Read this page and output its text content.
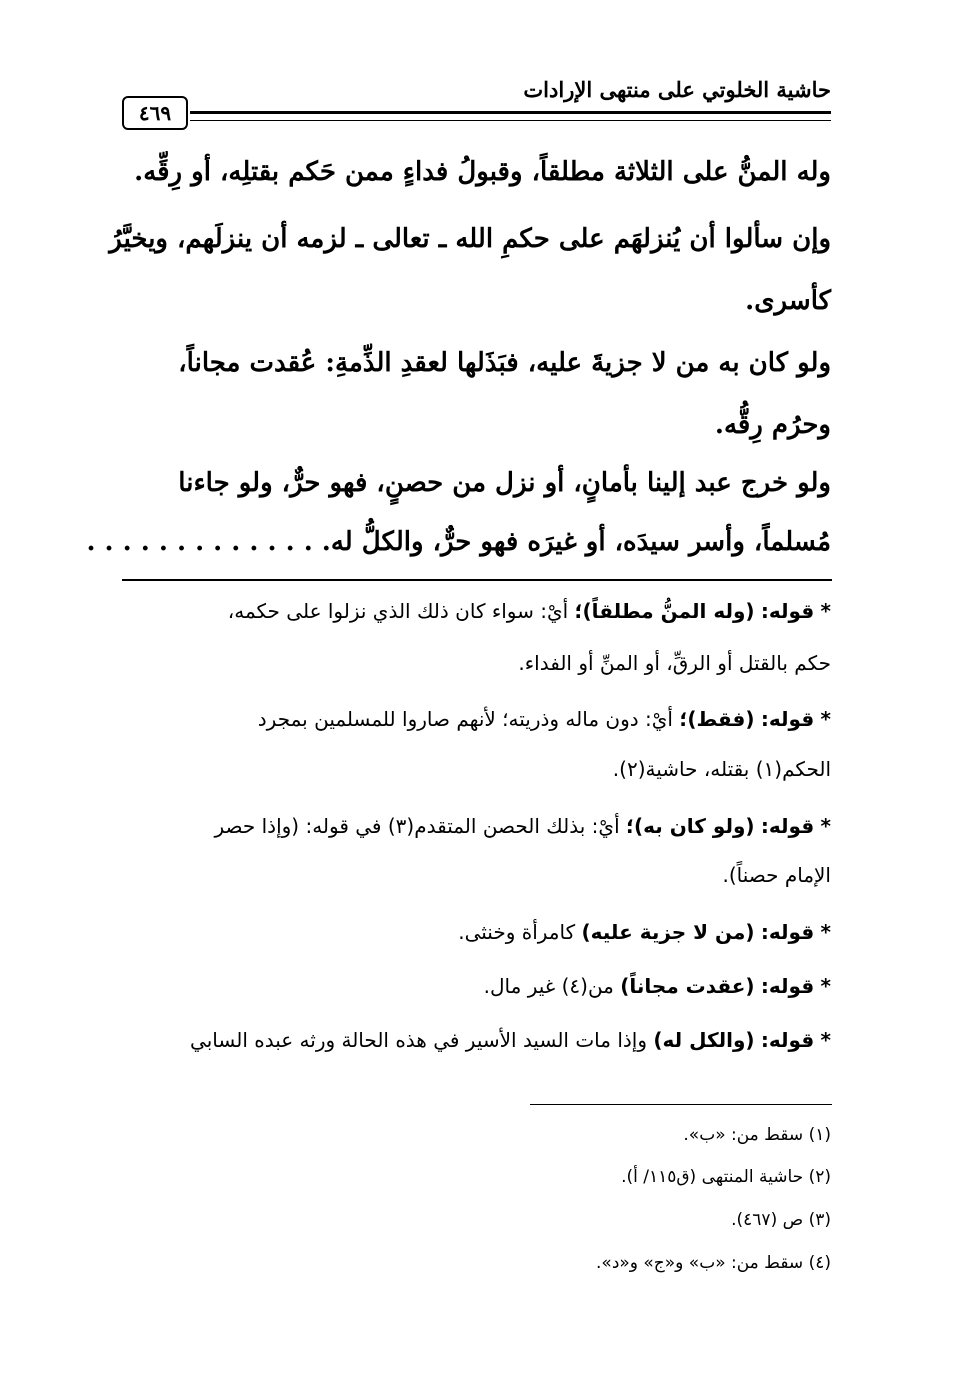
حاشية الخلوتي على منتهى الإرادات
٤٦٩
وله المنُّ على الثلاثة مطلقاً، وقبولُ فداءٍ ممن حَكم بقتلِه، أو رِقِّه.
وإن سألوا أن يُنزلهَم على حكمِ الله ـ تعالى ـ لزمه أن ينزلَهم، ويخيَّرُ
كأسرى.
ولو كان به من لا جزيةَ عليه، فبَذَلها لعقدِ الذِّمةِ: عُقدت مجاناً،
وحرُم رِقُّه.
ولو خرج عبد إلينا بأمانٍ، أو نزل من حصنٍ، فهو حرٌّ، ولو جاءنا
مُسلماً، وأسر سيدَه، أو غيرَه فهو حرٌّ، والكلُّ له. . . . . . . . . . . . . .
* قوله: (وله المنُّ مطلقاً)؛ أيْ: سواء كان ذلك الذي نزلوا على حكمه،
حكم بالقتل أو الرقِّ، أو المنِّ أو الفداء.
* قوله: (فقط)؛ أيْ: دون ماله وذريته؛ لأنهم صاروا للمسلمين بمجرد
الحكم(١) بقتله، حاشية(٢).
* قوله: (ولو كان به)؛ أيْ: بذلك الحصن المتقدم(٣) في قوله: (وإذا حصر
الإمام حصناً).
* قوله: (من لا جزية عليه) كامرأة وخنثى.
* قوله: (عقدت مجاناً) من(٤) غير مال.
* قوله: (والكل له) وإذا مات السيد الأسير في هذه الحالة ورثه عبده السابي
(١) سقط من: «ب».
(٢) حاشية المنتهى (ق١١٥/ أ).
(٣) ص (٤٦٧).
(٤) سقط من: «ب» و«ج» و«د».
